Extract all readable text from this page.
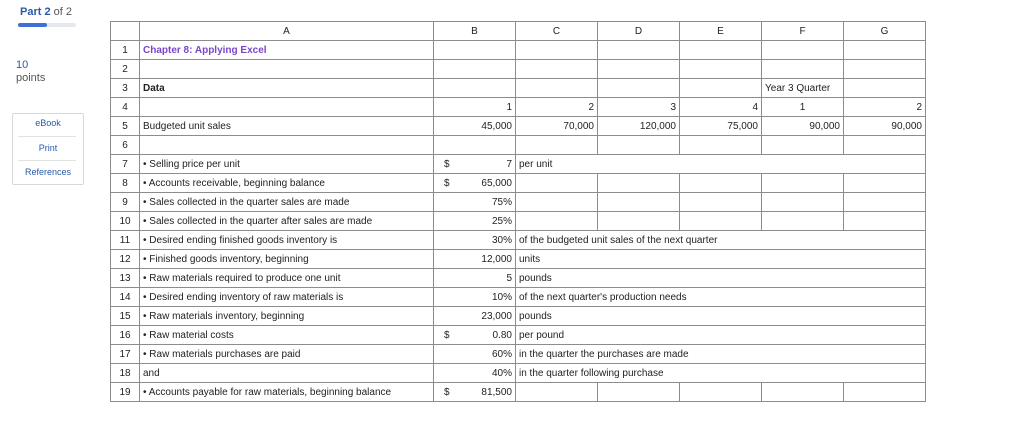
Part 2 of 2
10
points
eBook
Print
References
	A	B	C	D	E	F	G
1	Chapter 8: Applying Excel						
2							
3	Data					Year 3 Quarter	
4		1	2	3	4	1	2
5	Budgeted unit sales	45,000	70,000	120,000	75,000	90,000	90,000
6							
7	• Selling price per unit	$ 7	per unit				
8	• Accounts receivable, beginning balance	$ 65,000					

9	• Sales collected in the quarter sales are made	75%					

10	• Sales collected in the quarter after sales are made	25%					

11	• Desired ending finished goods inventory is	30%	of the budgeted unit sales of the next quarter				
12	• Finished goods inventory, beginning	12,000	units				
13	• Raw materials required to produce one unit	5	pounds				
14	• Desired ending inventory of raw materials is	10%	of the next quarter's production needs				
15	• Raw materials inventory, beginning	23,000	pounds				
16	• Raw material costs	$ 0.80	per pound				
17	• Raw materials purchases are paid	60%	in the quarter the purchases are made				
18	and	40%	in the quarter following purchase				
19	• Accounts payable for raw materials, beginning balance	$ 81,500					
